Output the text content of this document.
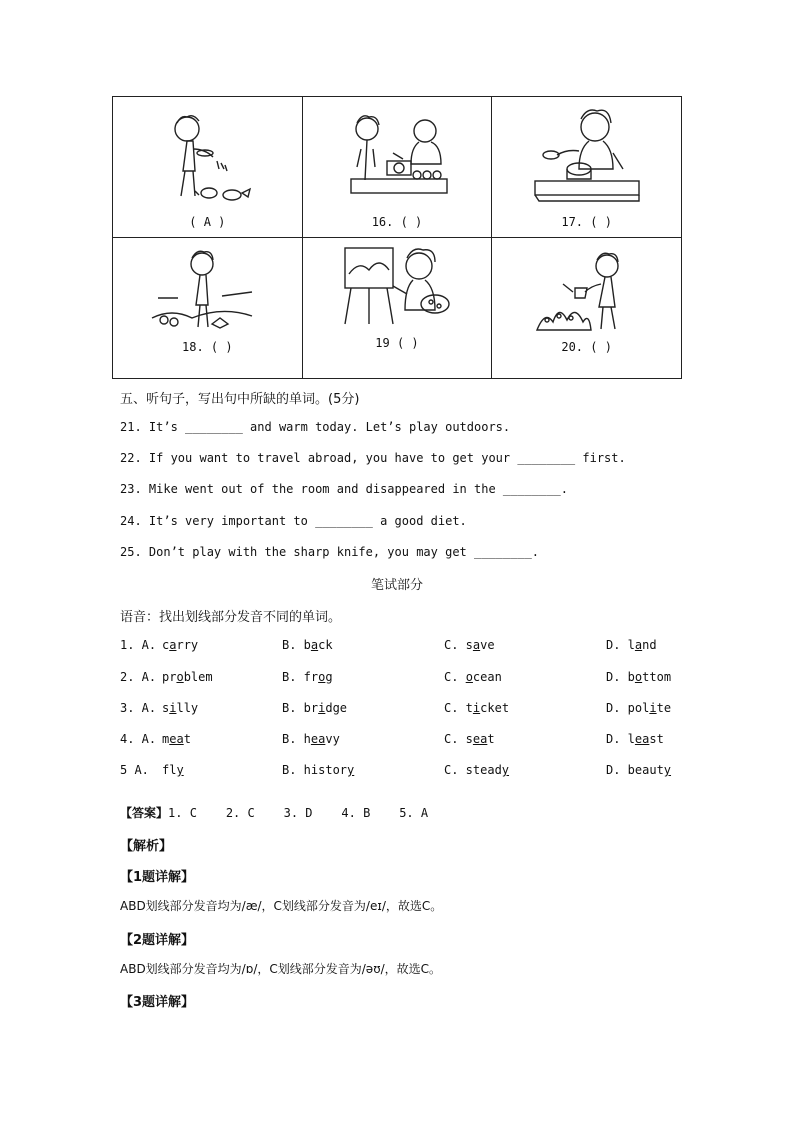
( A )	16. ( )	17. ( )

18. ( )	19 ( )	20. ( )
五、听句子，写出句中所缺的单词。(5分)
21. It’s ________ and warm today. Let’s play outdoors.
22. If you want to travel abroad, you have to get your ________ first.
23. Mike went out of the room and disappeared in the ________.
24. It’s very important to ________ a good diet.
25. Don’t play with the sharp knife, you may get ________.
笔试部分
语音：找出划线部分发音不同的单词。
1. A. carry	B. back	C. save	D. land
2. A. problem	B. frog	C. ocean	D. bottom
3. A. silly	B. bridge	C. ticket	D. polite
4. A. meat	B. heavy	C. seat	D. least
5 A. fly	B. history	C. steady	D. beauty
【答案】1. C    2. C    3. D    4. B    5. A
【解析】
【1题详解】
ABD划线部分发音均为/æ/，C划线部分发音为/eɪ/，故选C。
【2题详解】
ABD划线部分发音均为/ɒ/，C划线部分发音为/əʊ/，故选C。
【3题详解】
